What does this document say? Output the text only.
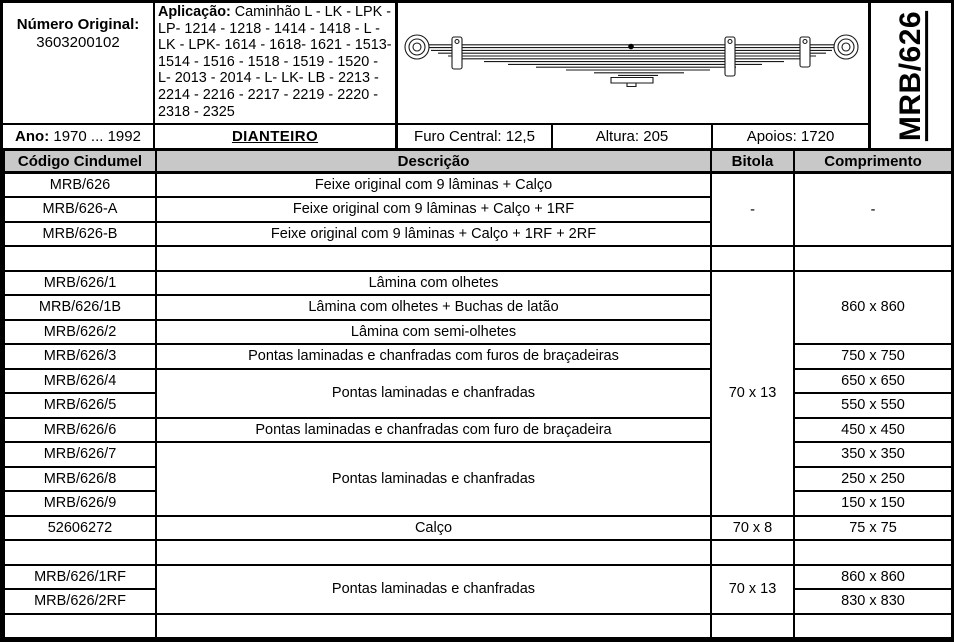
Número Original:
3603200102
Aplicação: Caminhão L - LK - LPK - LP- 1214 - 1218 - 1414 - 1418 - L - LK - LPK- 1614 - 1618- 1621 - 1513- 1514 - 1516 - 1518 - 1519 - 1520 - L- 2013 - 2014 - L- LK- LB - 2213 - 2214 - 2216 - 2217 - 2219 - 2220 - 2318 - 2325	MRB/626
Ano:
1970 ... 1992	DIANTEIRO	Furo Central:
12,5	Altura:
205	Apoios:
1720
Código Cindumel	Descrição	Bitola	Comprimento
MRB/626	Feixe original com 9 lâminas + Calço	-	-
MRB/626-A	Feixe original com 9 lâminas + Calço + 1RF		
MRB/626-B	Feixe original com 9 lâminas + Calço + 1RF + 2RF		

MRB/626/1	Lâmina com olhetes	70 x 13	860 x 860
MRB/626/1B	Lâmina com olhetes + Buchas de latão		
MRB/626/2	Lâmina com semi-olhetes		
MRB/626/3	Pontas laminadas e chanfradas com furos de braçadeiras		750 x 750
MRB/626/4	Pontas laminadas e chanfradas		650 x 650
MRB/626/5			550 x 550
MRB/626/6	Pontas laminadas e chanfradas com furo de braçadeira		450 x 450
MRB/626/7	Pontas laminadas e chanfradas		350 x 350
MRB/626/8			250 x 250
MRB/626/9			150 x 150
52606272	Calço	70 x 8	75 x 75

MRB/626/1RF	Pontas laminadas e chanfradas	70 x 13	860 x 860
MRB/626/2RF			830 x 830
